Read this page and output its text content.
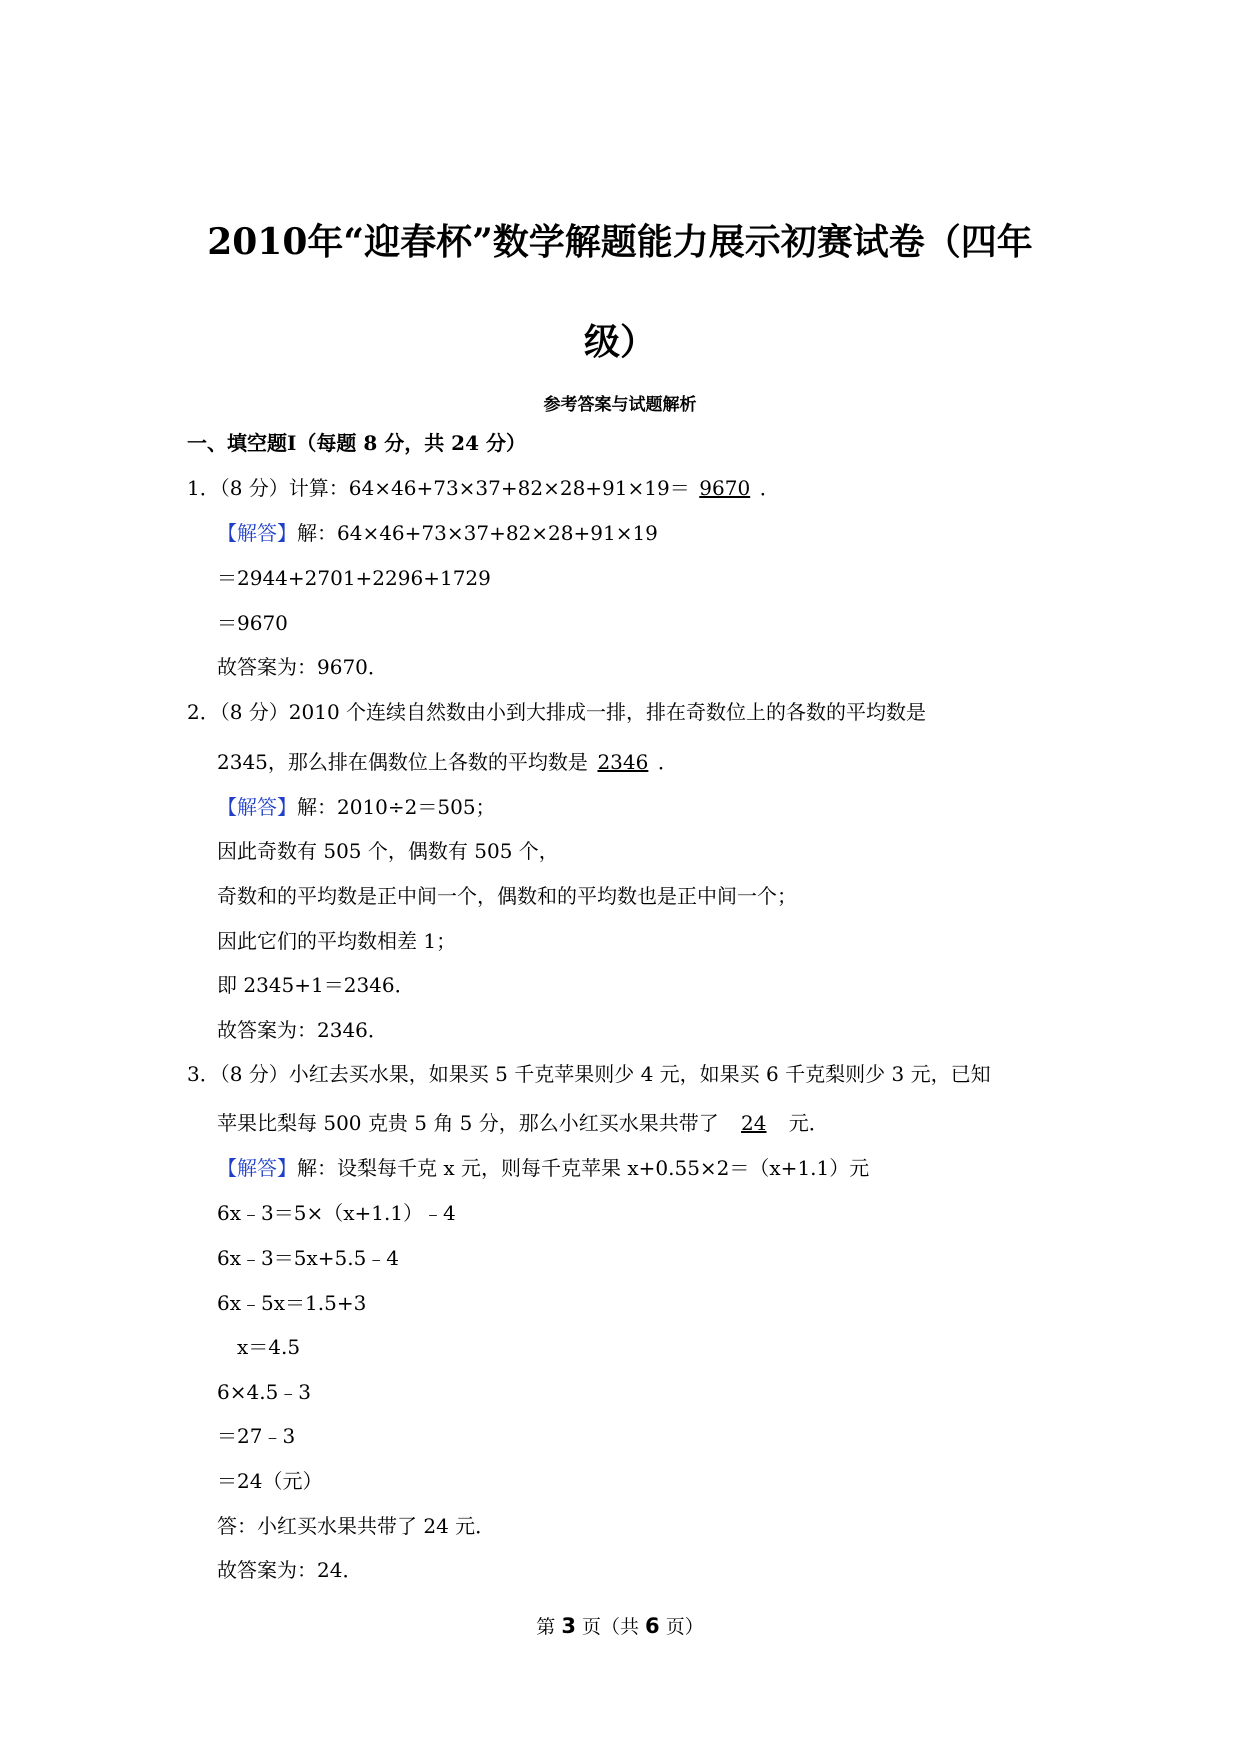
2010年“迎春杯”数学解题能力展示初赛试卷（四年
级）
参考答案与试题解析
一、填空题Ⅰ（每题 8 分，共 24 分）
1．（8 分）计算：64×46+73×37+82×28+91×19＝ 9670 ．
【解答】解：64×46+73×37+82×28+91×19
＝2944+2701+2296+1729
＝9670
故答案为：9670．
2．（8 分）2010 个连续自然数由小到大排成一排，排在奇数位上的各数的平均数是
2345，那么排在偶数位上各数的平均数是 2346 ．
【解答】解：2010÷2＝505；
因此奇数有 505 个，偶数有 505 个，
奇数和的平均数是正中间一个，偶数和的平均数也是正中间一个；
因此它们的平均数相差 1；
即 2345+1＝2346．
故答案为：2346．
3．（8 分）小红去买水果，如果买 5 千克苹果则少 4 元，如果买 6 千克梨则少 3 元，已知
苹果比梨每 500 克贵 5 角 5 分，那么小红买水果共带了 24 元．
【解答】解：设梨每千克 x 元，则每千克苹果 x+0.55×2＝（x+1.1）元
6x﹣3＝5×（x+1.1）﹣4
6x﹣3＝5x+5.5﹣4
6x﹣5x＝1.5+3
x＝4.5
6×4.5﹣3
＝27﹣3
＝24（元）
答：小红买水果共带了 24 元．
故答案为：24．
第 3 页（共 6 页）
